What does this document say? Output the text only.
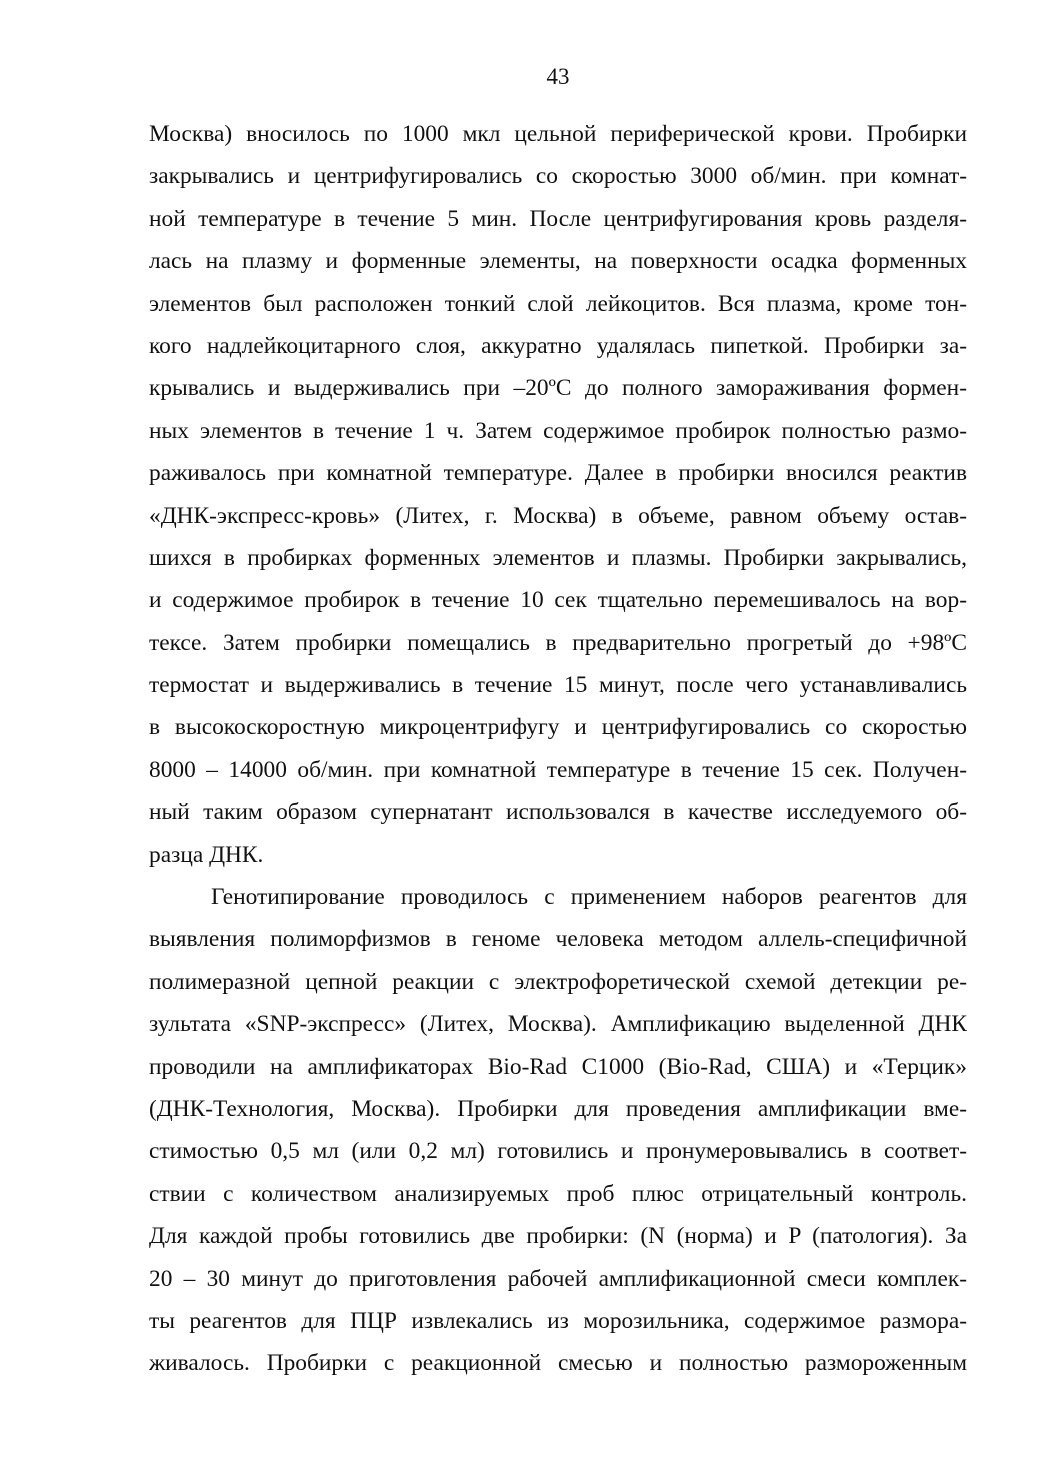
43
Москва) вносилось по 1000 мкл цельной периферической крови. Пробирки
закрывались и центрифугировались со скоростью 3000 об/мин. при комнат-
ной температуре в течение 5 мин. После центрифугирования кровь разделя-
лась на плазму и форменные элементы, на поверхности осадка форменных
элементов был расположен тонкий слой лейкоцитов. Вся плазма, кроме тон-
кого надлейкоцитарного слоя, аккуратно удалялась пипеткой. Пробирки за-
крывались и выдерживались при –20ºС до полного замораживания формен-
ных элементов в течение 1 ч. Затем содержимое пробирок полностью размо-
раживалось при комнатной температуре. Далее в пробирки вносился реактив
«ДНК-экспресс-кровь» (Литех, г. Москва) в объеме, равном объему остав-
шихся в пробирках форменных элементов и плазмы. Пробирки закрывались,
и содержимое пробирок в течение 10 сек тщательно перемешивалось на вор-
тексе. Затем пробирки помещались в предварительно прогретый до +98ºС
термостат и выдерживались в течение 15 минут, после чего устанавливались
в высокоскоростную микроцентрифугу и центрифугировались со скоростью
8000 – 14000 об/мин. при комнатной температуре в течение 15 сек. Получен-
ный таким образом супернатант использовался в качестве исследуемого об-
разца ДНК.
Генотипирование проводилось с применением наборов реагентов для
выявления полиморфизмов в геноме человека методом аллель-специфичной
полимеразной цепной реакции с электрофоретической схемой детекции ре-
зультата «SNP-экспресс» (Литех, Москва). Амплификацию выделенной ДНК
проводили на амплификаторах Bio-Rad C1000 (Bio-Rad, США) и «Терцик»
(ДНК-Технология, Москва). Пробирки для проведения амплификации вме-
стимостью 0,5 мл (или 0,2 мл) готовились и пронумеровывались в соответ-
ствии с количеством анализируемых проб плюс отрицательный контроль.
Для каждой пробы готовились две пробирки: (N (норма) и P (патология). За
20 – 30 минут до приготовления рабочей амплификационной смеси комплек-
ты реагентов для ПЦР извлекались из морозильника, содержимое размора-
живалось. Пробирки с реакционной смесью и полностью размороженным
